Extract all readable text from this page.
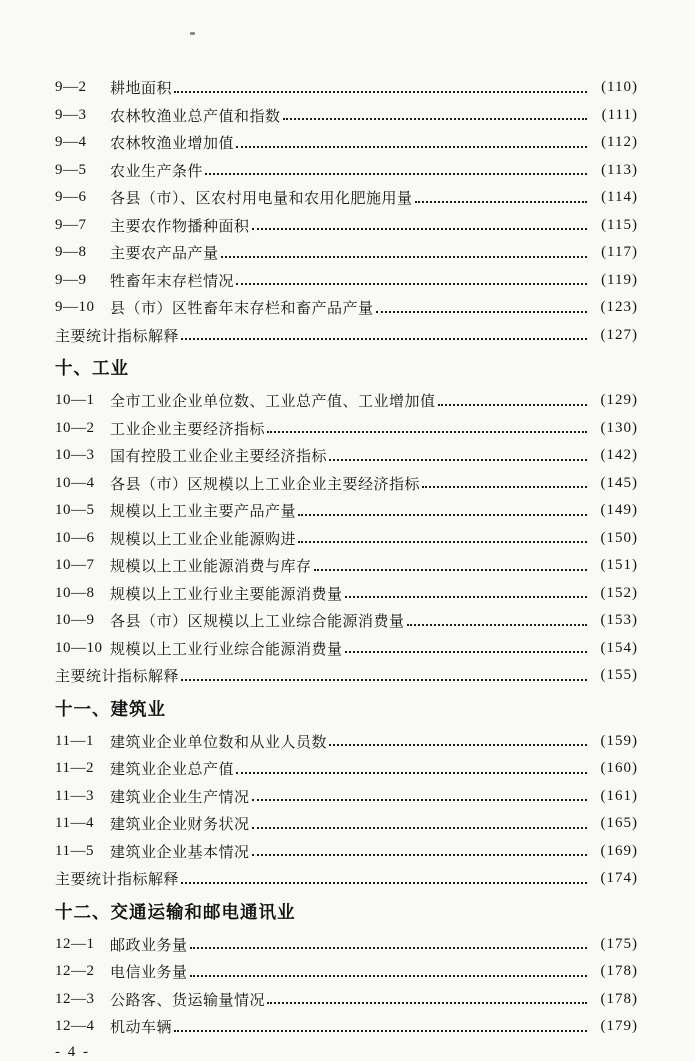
9—2	耕地面积	(110)
9—3	农林牧渔业总产值和指数	(111)
9—4	农林牧渔业增加值	(112)
9—5	农业生产条件	(113)
9—6	各县（市）、区农村用电量和农用化肥施用量	(114)
9—7	主要农作物播种面积	(115)
9—8	主要农产品产量	(117)
9—9	牲畜年末存栏情况	(119)
9—10	县（市）区牲畜年末存栏和畜产品产量	(123)
主要统计指标解释	(127)
十、工业
10—1	全市工业企业单位数、工业总产值、工业增加值	(129)
10—2	工业企业主要经济指标	(130)
10—3	国有控股工业企业主要经济指标	(142)
10—4	各县（市）区规模以上工业企业主要经济指标	(145)
10—5	规模以上工业主要产品产量	(149)
10—6	规模以上工业企业能源购进	(150)
10—7	规模以上工业能源消费与库存	(151)
10—8	规模以上工业行业主要能源消费量	(152)
10—9	各县（市）区规模以上工业综合能源消费量	(153)
10—10 规模以上工业行业综合能源消费量	(154)
主要统计指标解释	(155)
十一、建筑业
11—1	建筑业企业单位数和从业人员数	(159)
11—2	建筑业企业总产值	(160)
11—3	建筑业企业生产情况	(161)
11—4	建筑业企业财务状况	(165)
11—5	建筑业企业基本情况	(169)
主要统计指标解释	(174)
十二、交通运输和邮电通讯业
12—1	邮政业务量	(175)
12—2	电信业务量	(178)
12—3	公路客、货运输量情况	(178)
12—4	机动车辆	(179)
- 4 -
